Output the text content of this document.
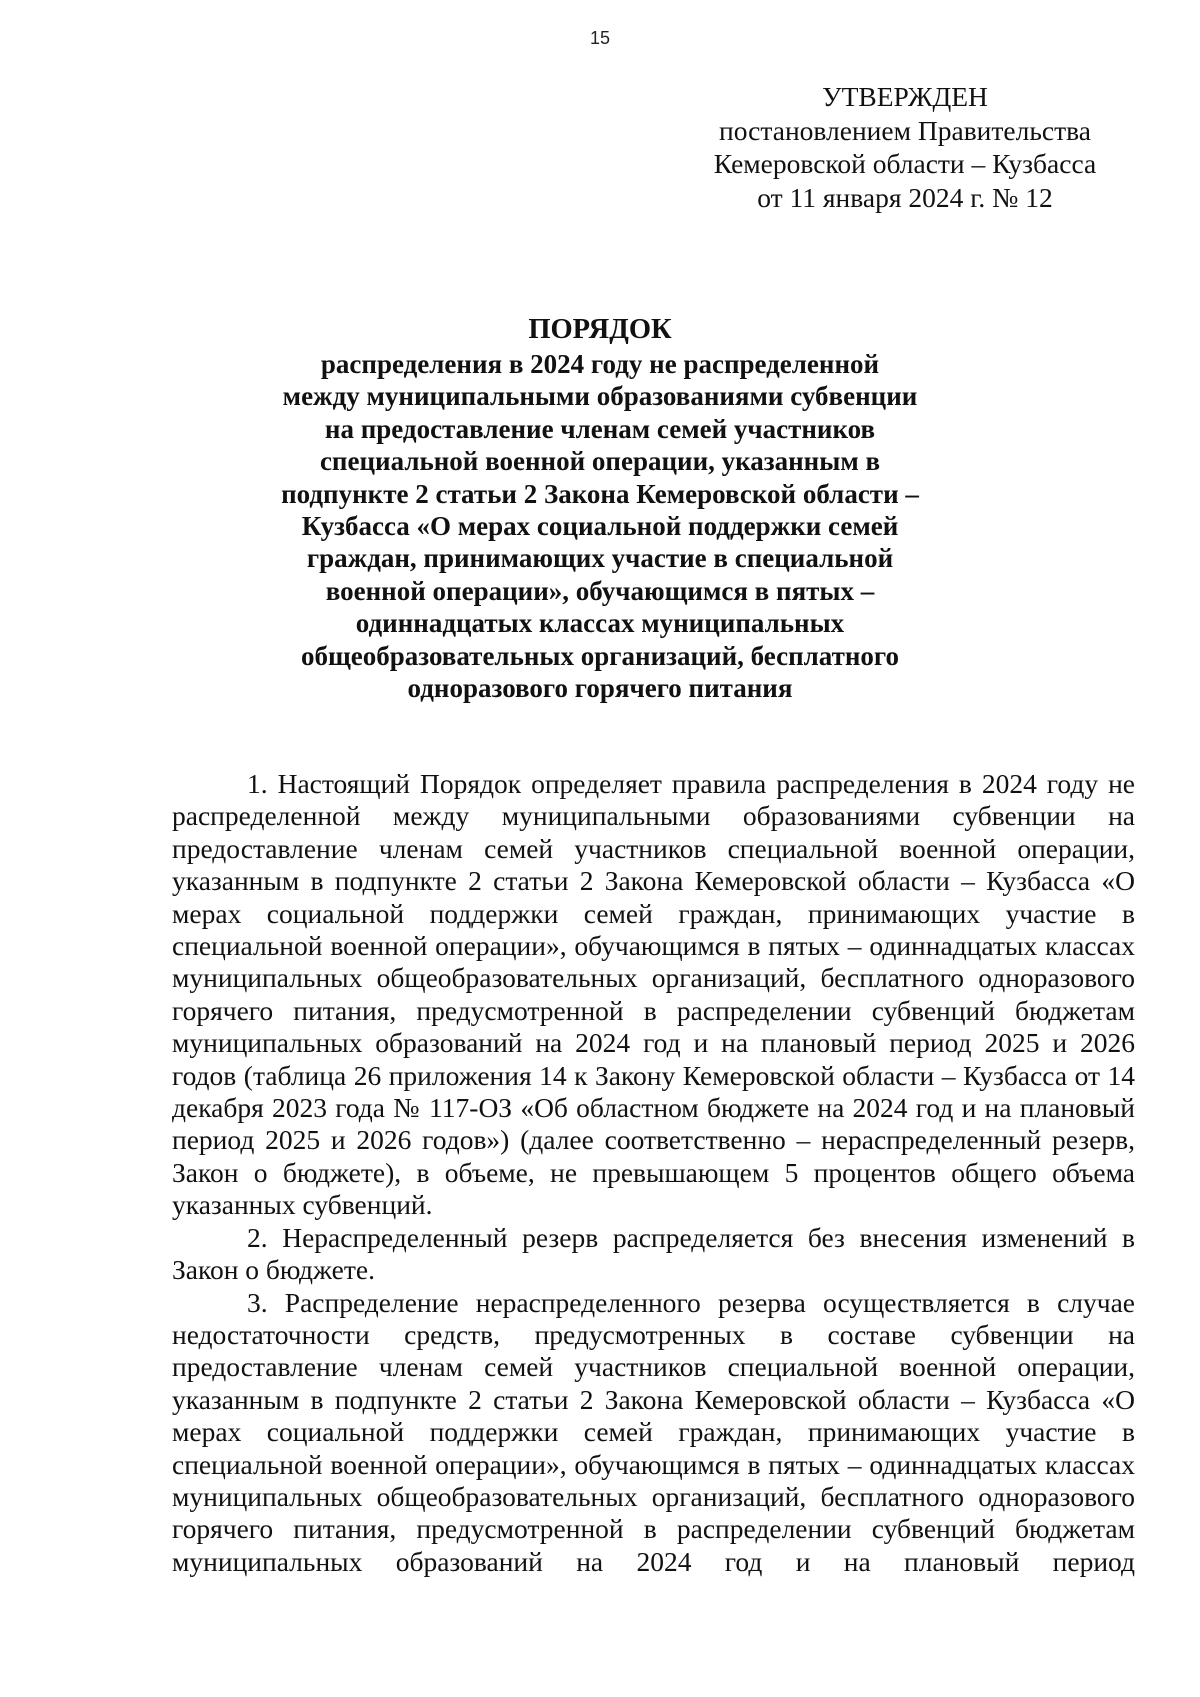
15
УТВЕРЖДЕН
постановлением Правительства
Кемеровской области – Кузбасса
от 11 января 2024 г. № 12
ПОРЯДОК
распределения в 2024 году не распределенной
между муниципальными образованиями субвенции
на предоставление членам семей участников
специальной военной операции, указанным в
подпункте 2 статьи 2 Закона Кемеровской области –
Кузбасса «О мерах социальной поддержки семей
граждан, принимающих участие в специальной
военной операции», обучающимся в пятых –
одиннадцатых классах муниципальных
общеобразовательных организаций, бесплатного
одноразового горячего питания

1. Настоящий Порядок определяет правила распределения в 2024 году не распределенной между муниципальными образованиями субвенции на предоставление членам семей участников специальной военной операции, указанным в подпункте 2 статьи 2 Закона Кемеровской области – Кузбасса «О мерах социальной поддержки семей граждан, принимающих участие в специальной военной операции», обучающимся в пятых – одиннадцатых классах муниципальных общеобразовательных организаций, бесплатного одноразового горячего питания, предусмотренной в распределении субвенций бюджетам муниципальных образований на 2024 год и на плановый период 2025 и 2026 годов (таблица 26 приложения 14 к Закону Кемеровской области – Кузбасса от 14 декабря 2023 года № 117-ОЗ «Об областном бюджете на 2024 год и на плановый период 2025 и 2026 годов») (далее соответственно – нераспределенный резерв, Закон о бюджете), в объеме, не превышающем 5 процентов общего объема указанных субвенций.

2. Нераспределенный резерв распределяется без внесения изменений в Закон о бюджете.

3. Распределение нераспределенного резерва осуществляется в случае недостаточности средств, предусмотренных в составе субвенции на предоставление членам семей участников специальной военной операции, указанным в подпункте 2 статьи 2 Закона Кемеровской области – Кузбасса «О мерах социальной поддержки семей граждан, принимающих участие в специальной военной операции», обучающимся в пятых – одиннадцатых классах муниципальных общеобразовательных организаций, бесплатного одноразового горячего питания, предусмотренной в распределении субвенций бюджетам муниципальных образований на 2024 год и на плановый период
